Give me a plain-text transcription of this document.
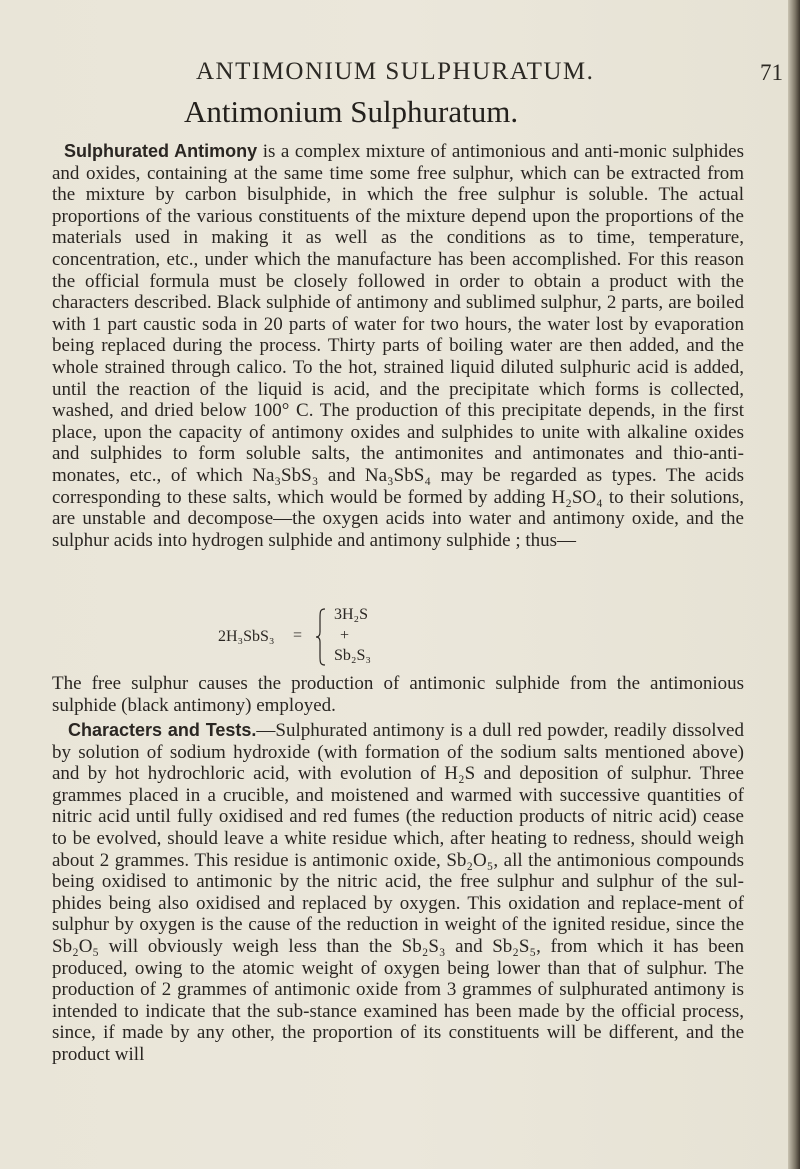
ANTIMONIUM SULPHURATUM.	71
Antimonium Sulphuratum.

Sulphurated Antimony is a complex mixture of antimonious and anti-monic sulphides and oxides, containing at the same time some free sulphur, which can be extracted from the mixture by carbon bisulphide, in which the free sulphur is soluble. The actual proportions of the various constituents of the mixture depend upon the proportions of the materials used in making it as well as the conditions as to time, temperature, concentration, etc., under which the manufacture has been accomplished. For this reason the official formula must be closely followed in order to obtain a product with the characters described. Black sulphide of antimony and sublimed sulphur, 2 parts, are boiled with 1 part caustic soda in 20 parts of water for two hours, the water lost by evaporation being replaced during the process. Thirty parts of boiling water are then added, and the whole strained through calico. To the hot, strained liquid diluted sulphuric acid is added, until the reaction of the liquid is acid, and the precipitate which forms is collected, washed, and dried below 100° C. The production of this precipitate depends, in the first place, upon the capacity of antimony oxides and sulphides to unite with alkaline oxides and sulphides to form soluble salts, the antimonites and antimonates and thio-anti-monates, etc., of which Na₃SbS₃ and Na₃SbS₄ may be regarded as types. The acids corresponding to these salts, which would be formed by adding H₂SO₄ to their solutions, are unstable and decompose—the oxygen acids into water and antimony oxide, and the sulphur acids into hydrogen sulphide and antimony sulphide ; thus—

2H₃SbS₃ =
3H₂S
+
Sb₂S₃

The free sulphur causes the production of antimonic sulphide from the antimonious sulphide (black antimony) employed.

Characters and Tests.—Sulphurated antimony is a dull red powder, readily dissolved by solution of sodium hydroxide (with formation of the sodium salts mentioned above) and by hot hydrochloric acid, with evolution of H₂S and deposition of sulphur. Three grammes placed in a crucible, and moistened and warmed with successive quantities of nitric acid until fully oxidised and red fumes (the reduction products of nitric acid) cease to be evolved, should leave a white residue which, after heating to redness, should weigh about 2 grammes. This residue is antimonic oxide, Sb₂O₅, all the antimonious compounds being oxidised to antimonic by the nitric acid, the free sulphur and sulphur of the sul-phides being also oxidised and replaced by oxygen. This oxidation and replace-ment of sulphur by oxygen is the cause of the reduction in weight of the ignited residue, since the Sb₂O₅ will obviously weigh less than the Sb₂S₃ and Sb₂S₅, from which it has been produced, owing to the atomic weight of oxygen being lower than that of sulphur. The production of 2 grammes of antimonic oxide from 3 grammes of sulphurated antimony is intended to indicate that the sub-stance examined has been made by the official process, since, if made by any other, the proportion of its constituents will be different, and the product will
